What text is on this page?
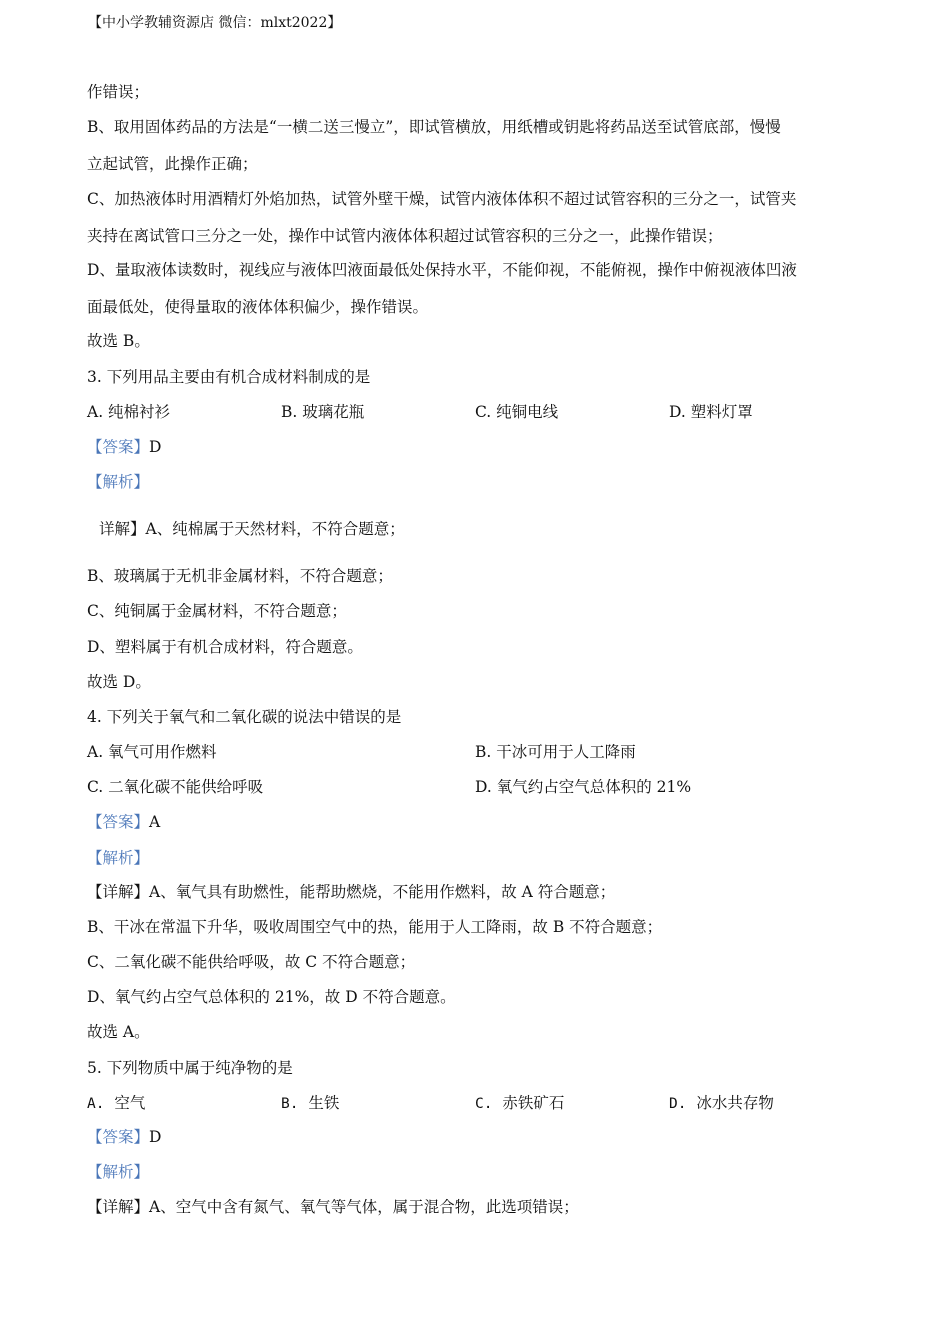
【中小学教辅资源店 微信：mlxt2022】
作错误；
B、取用固体药品的方法是“一横二送三慢立”，即试管横放，用纸槽或钥匙将药品送至试管底部，慢慢
立起试管，此操作正确；
C、加热液体时用酒精灯外焰加热，试管外壁干燥，试管内液体体积不超过试管容积的三分之一，试管夹
夹持在离试管口三分之一处，操作中试管内液体体积超过试管容积的三分之一，此操作错误；
D、量取液体读数时，视线应与液体凹液面最低处保持水平，不能仰视，不能俯视，操作中俯视液体凹液
面最低处，使得量取的液体体积偏少，操作错误。
故选 B。
3. 下列用品主要由有机合成材料制成的是
A. 纯棉衬衫	B. 玻璃花瓶	C. 纯铜电线	D. 塑料灯罩
【答案】D
【解析】
详解】A、纯棉属于天然材料，不符合题意；
B、玻璃属于无机非金属材料，不符合题意；
C、纯铜属于金属材料，不符合题意；
D、塑料属于有机合成材料，符合题意。
故选 D。
4. 下列关于氧气和二氧化碳的说法中错误的是
A. 氧气可用作燃料	B. 干冰可用于人工降雨
C. 二氧化碳不能供给呼吸	D. 氧气约占空气总体积的 21%
【答案】A
【解析】
【详解】A、氧气具有助燃性，能帮助燃烧，不能用作燃料，故 A 符合题意；
B、干冰在常温下升华，吸收周围空气中的热，能用于人工降雨，故 B 不符合题意；
C、二氧化碳不能供给呼吸，故 C 不符合题意；
D、氧气约占空气总体积的 21%，故 D 不符合题意。
故选 A。
5. 下列物质中属于纯净物的是
A. 空气	B. 生铁	C. 赤铁矿石	D. 冰水共存物
【答案】D
【解析】
【详解】A、空气中含有氮气、氧气等气体，属于混合物，此选项错误；
